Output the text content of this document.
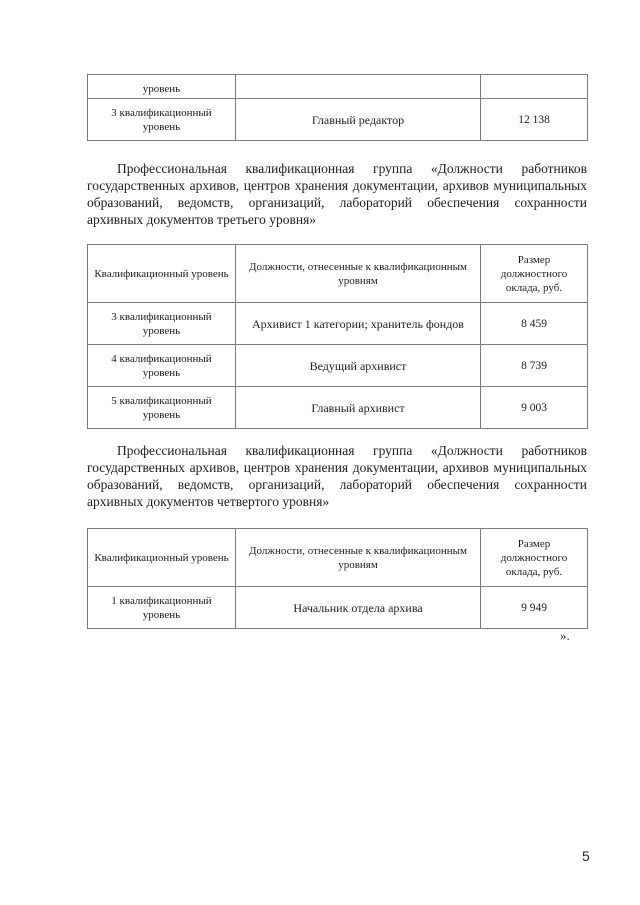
уровень		
3 квалификационный уровень	Главный редактор	12 138

Профессиональная квалификационная группа «Должности работников государственных архивов, центров хранения документации, архивов муниципальных образований, ведомств, организаций, лабораторий обеспечения сохранности архивных документов третьего уровня»

Квалификационный уровень	Должности, отнесенные к квалификационным уровням	Размер должностного оклада, руб.
3 квалификационный уровень	Архивист 1 категории; хранитель фондов	8 459
4 квалификационный уровень	Ведущий архивист	8 739
5 квалификационный уровень	Главный архивист	9 003

Профессиональная квалификационная группа «Должности работников государственных архивов, центров хранения документации, архивов муниципальных образований, ведомств, организаций, лабораторий обеспечения сохранности архивных документов четвертого уровня»

Квалификационный уровень	Должности, отнесенные к квалификационным уровням	Размер должностного оклада, руб.
1 квалификационный уровень	Начальник отдела архива	9 949
».
5
